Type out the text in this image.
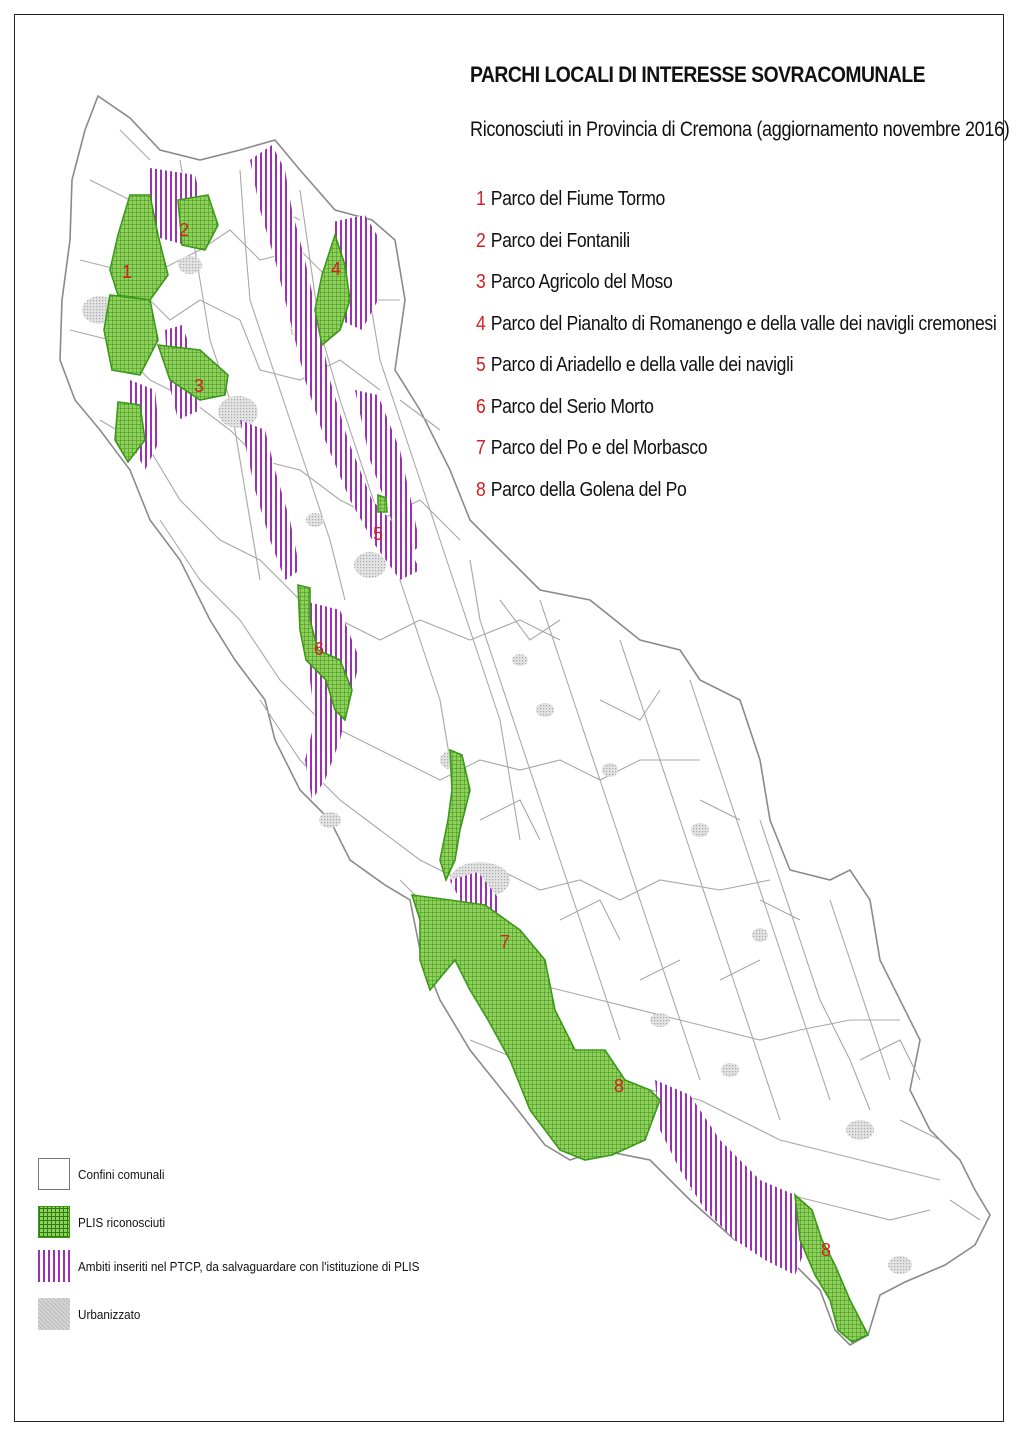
1
2
3
4
5
6
7
8
8
PARCHI LOCALI DI INTERESSE SOVRACOMUNALE
Riconosciuti in Provincia di Cremona (aggiornamento novembre 2016)
1 Parco del Fiume Tormo
2 Parco dei Fontanili
3 Parco Agricolo del Moso
4 Parco del Pianalto di Romanengo e della valle dei navigli cremonesi
5 Parco di Ariadello e della valle dei navigli
6 Parco del Serio Morto
7 Parco del Po e del Morbasco
8 Parco della Golena del Po
Confini comunali
PLIS riconosciuti
Ambiti inseriti nel PTCP, da salvaguardare con l'istituzione di PLIS
Urbanizzato
